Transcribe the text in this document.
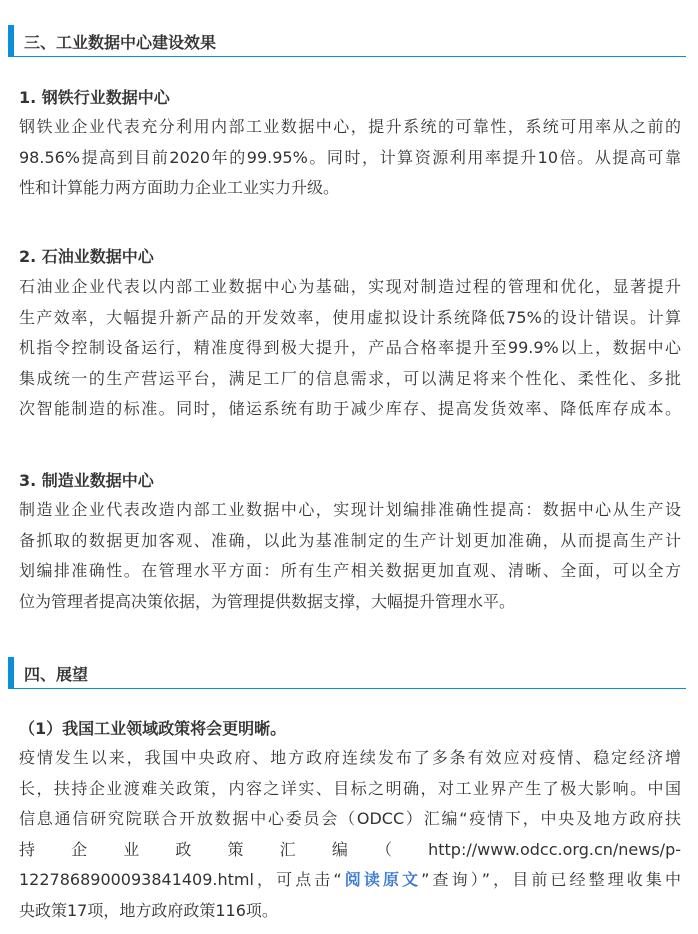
三、工业数据中心建设效果
1. 钢铁行业数据中心
钢铁业企业代表充分利用内部工业数据中心，提升系统的可靠性，系统可用率从之前的
98.56%提高到目前2020年的99.95%。同时，计算资源利用率提升10倍。从提高可靠
性和计算能力两方面助力企业工业实力升级。
2. 石油业数据中心
石油业企业代表以内部工业数据中心为基础，实现对制造过程的管理和优化，显著提升
生产效率，大幅提升新产品的开发效率，使用虚拟设计系统降低75%的设计错误。计算
机指令控制设备运行，精准度得到极大提升，产品合格率提升至99.9%以上，数据中心
集成统一的生产营运平台，满足工厂的信息需求，可以满足将来个性化、柔性化、多批
次智能制造的标准。同时，储运系统有助于减少库存、提高发货效率、降低库存成本。
3. 制造业数据中心
制造业企业代表改造内部工业数据中心，实现计划编排准确性提高：数据中心从生产设
备抓取的数据更加客观、准确，以此为基准制定的生产计划更加准确，从而提高生产计
划编排准确性。在管理水平方面：所有生产相关数据更加直观、清晰、全面，可以全方
位为管理者提高决策依据，为管理提供数据支撑，大幅提升管理水平。
四、展望
（1）我国工业领域政策将会更明晰。
疫情发生以来，我国中央政府、地方政府连续发布了多条有效应对疫情、稳定经济增
长，扶持企业渡难关政策，内容之详实、目标之明确，对工业界产生了极大影响。中国
信息通信研究院联合开放数据中心委员会（ODCC）汇编“疫情下，中央及地方政府扶
持　企　业　政　策　汇　编　（　http://www.odcc.org.cn/news/p-
1227868900093841409.html，可点击“阅读原文”查询）”，目前已经整理收集中
央政策17项，地方政府政策116项。
